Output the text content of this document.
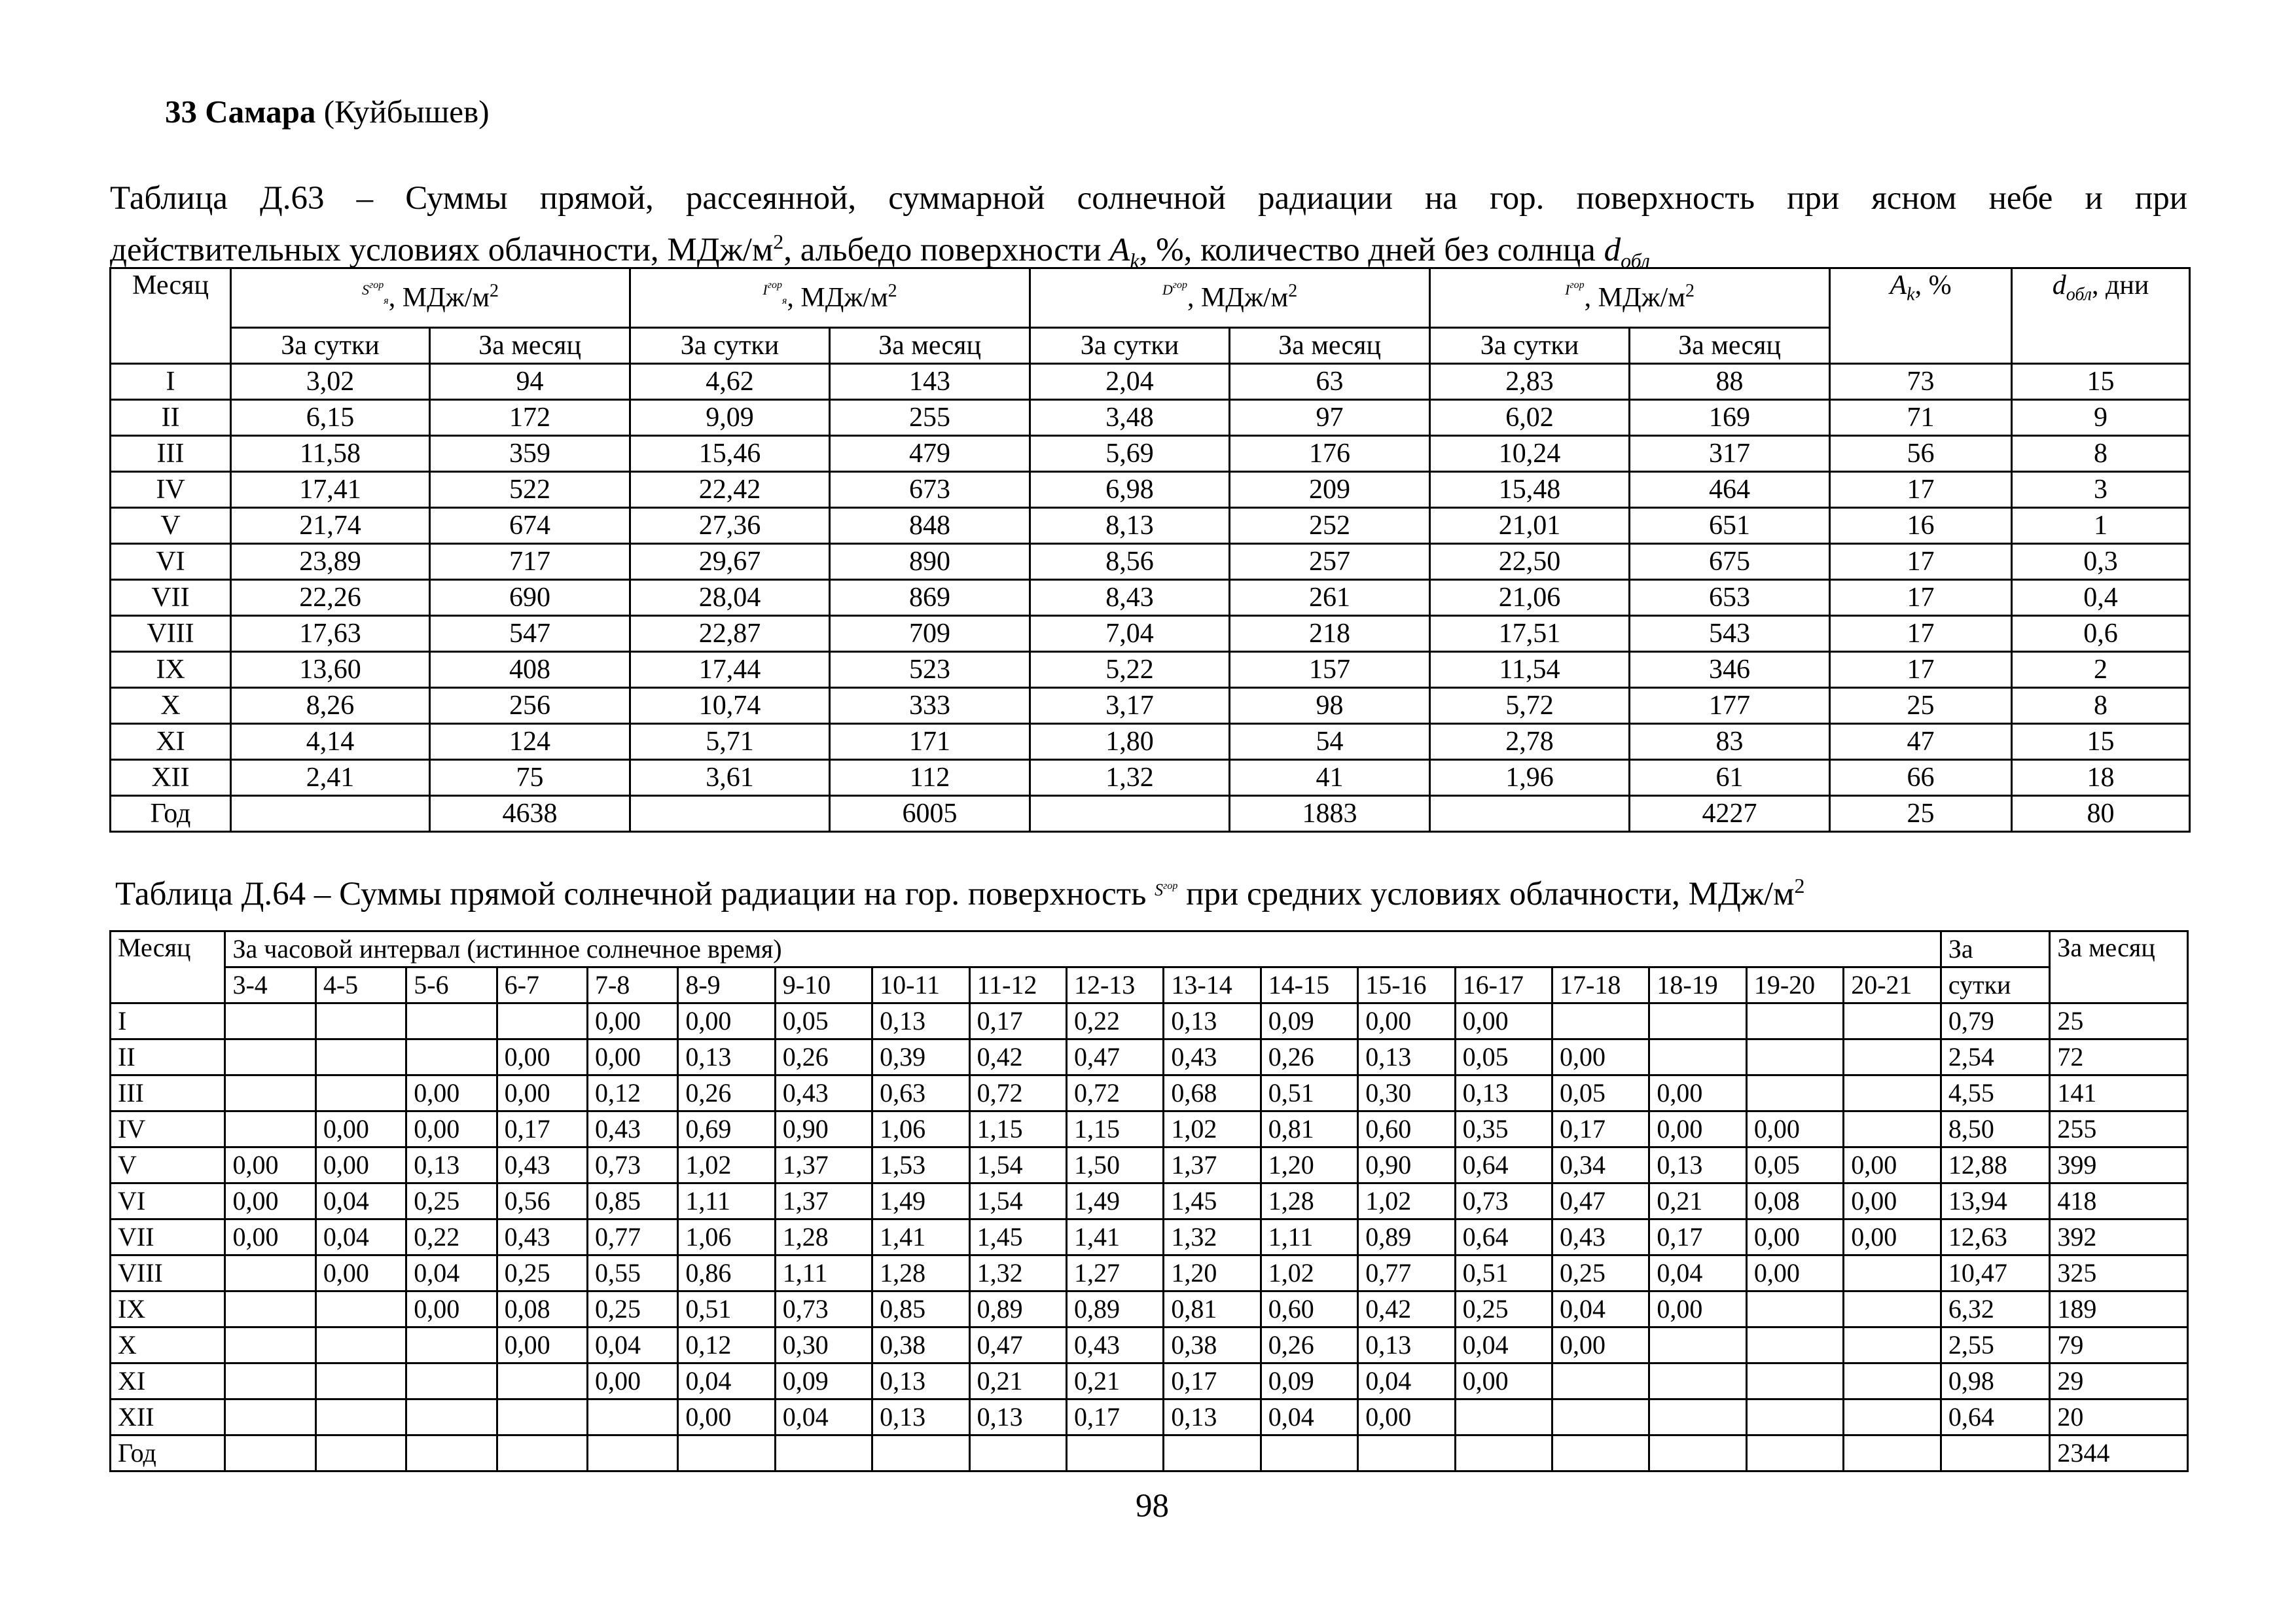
33 Самара (Куйбышев)
Таблица Д.63 – Суммы прямой, рассеянной, суммарной солнечной радиации на гор. поверхность при ясном небе и при
действительных условиях облачности, МДж/$м^2$, альбедо поверхности $A_k$, %, количество дней без солнца $d_{обл}$
Месяц	$^{Sгор}$я, МДж/$м^2$		$^{Iгор}$я, МДж/$м^2$		$^{Dгор}$, МДж/$м^2$		$^{Iгор}$, МДж/$м^2$		$A_k$, %	$d_{обл}$, дни
	За сутки	За месяц	За сутки	За месяц	За сутки	За месяц	За сутки	За месяц		
I	3,02	94	4,62	143	2,04	63	2,83	88	73	15
II	6,15	172	9,09	255	3,48	97	6,02	169	71	9
III	11,58	359	15,46	479	5,69	176	10,24	317	56	8
IV	17,41	522	22,42	673	6,98	209	15,48	464	17	3
V	21,74	674	27,36	848	8,13	252	21,01	651	16	1
VI	23,89	717	29,67	890	8,56	257	22,50	675	17	0,3
VII	22,26	690	28,04	869	8,43	261	21,06	653	17	0,4
VIII	17,63	547	22,87	709	7,04	218	17,51	543	17	0,6
IX	13,60	408	17,44	523	5,22	157	11,54	346	17	2
X	8,26	256	10,74	333	3,17	98	5,72	177	25	8
XI	4,14	124	5,71	171	1,80	54	2,78	83	47	15
XII	2,41	75	3,61	112	1,32	41	1,96	61	66	18
Год		4638		6005		1883		4227	25	80
Таблица Д.64 – Суммы прямой солнечной радиации на гор. поверхность $^{Sгор}$ при средних условиях облачности, МДж/$м^2$
Месяц	За часовой интервал (истинное солнечное время)																		За	За месяц
	3-4	4-5	5-6	6-7	7-8	8-9	9-10	10-11	11-12	12-13	13-14	14-15	15-16	16-17	17-18	18-19	19-20	20-21	сутки	
I					0,00	0,00	0,05	0,13	0,17	0,22	0,13	0,09	0,00	0,00					0,79	25
II				0,00	0,00	0,13	0,26	0,39	0,42	0,47	0,43	0,26	0,13	0,05	0,00				2,54	72
III			0,00	0,00	0,12	0,26	0,43	0,63	0,72	0,72	0,68	0,51	0,30	0,13	0,05	0,00			4,55	141
IV		0,00	0,00	0,17	0,43	0,69	0,90	1,06	1,15	1,15	1,02	0,81	0,60	0,35	0,17	0,00	0,00		8,50	255
V	0,00	0,00	0,13	0,43	0,73	1,02	1,37	1,53	1,54	1,50	1,37	1,20	0,90	0,64	0,34	0,13	0,05	0,00	12,88	399
VI	0,00	0,04	0,25	0,56	0,85	1,11	1,37	1,49	1,54	1,49	1,45	1,28	1,02	0,73	0,47	0,21	0,08	0,00	13,94	418
VII	0,00	0,04	0,22	0,43	0,77	1,06	1,28	1,41	1,45	1,41	1,32	1,11	0,89	0,64	0,43	0,17	0,00	0,00	12,63	392
VIII		0,00	0,04	0,25	0,55	0,86	1,11	1,28	1,32	1,27	1,20	1,02	0,77	0,51	0,25	0,04	0,00		10,47	325
IX			0,00	0,08	0,25	0,51	0,73	0,85	0,89	0,89	0,81	0,60	0,42	0,25	0,04	0,00			6,32	189
X				0,00	0,04	0,12	0,30	0,38	0,47	0,43	0,38	0,26	0,13	0,04	0,00				2,55	79
XI					0,00	0,04	0,09	0,13	0,21	0,21	0,17	0,09	0,04	0,00					0,98	29
XII						0,00	0,04	0,13	0,13	0,17	0,13	0,04	0,00						0,64	20
Год																				2344
98
